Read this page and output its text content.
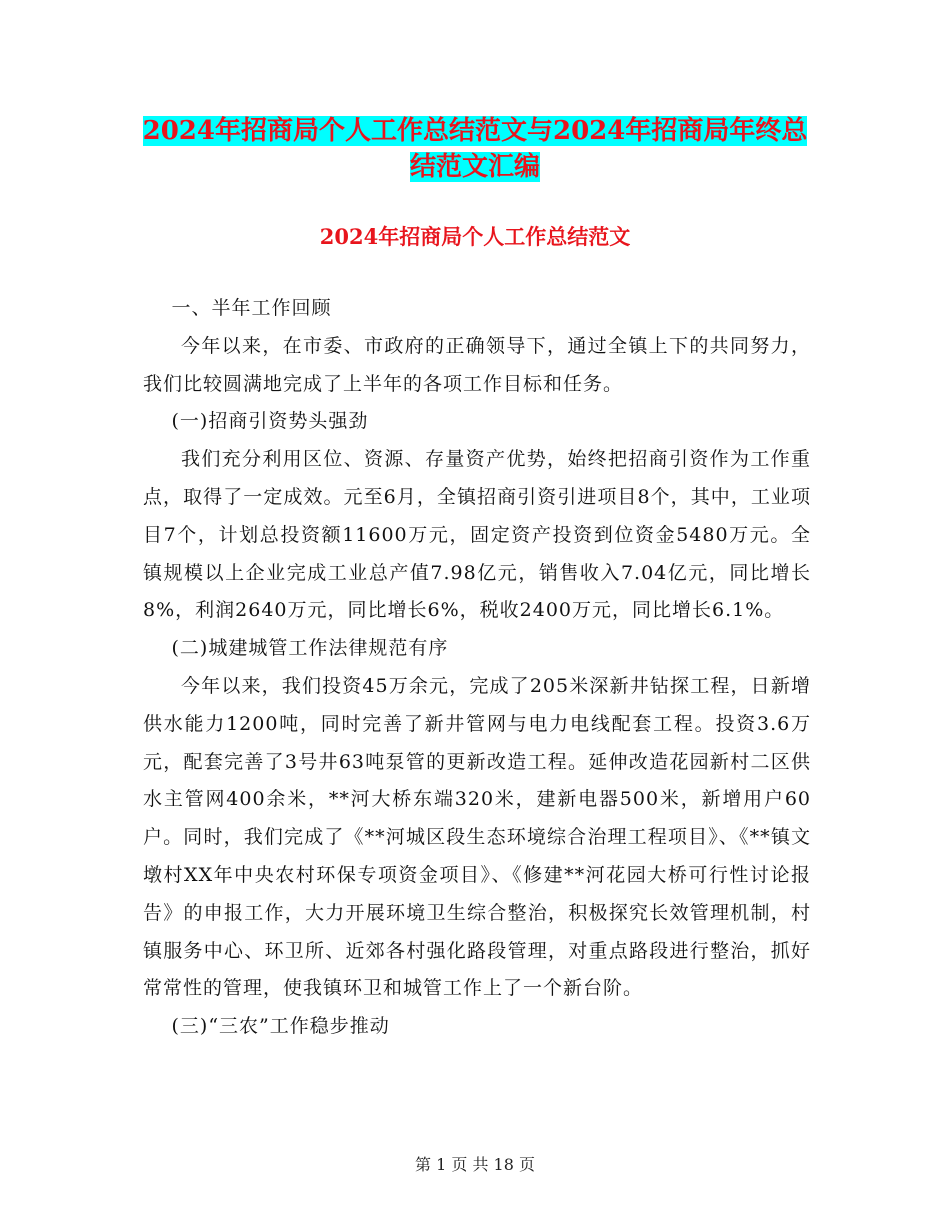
2024年招商局个人工作总结范文与2024年招商局年终总结范文汇编
2024年招商局个人工作总结范文

一、半年工作回顾

今年以来，在市委、市政府的正确领导下，通过全镇上下的共同努力，我们比较圆满地完成了上半年的各项工作目标和任务。

(一)招商引资势头强劲

我们充分利用区位、资源、存量资产优势，始终把招商引资作为工作重点，取得了一定成效。元至6月，全镇招商引资引进项目8个，其中，工业项目7个，计划总投资额11600万元，固定资产投资到位资金5480万元。全镇规模以上企业完成工业总产值7.98亿元，销售收入7.04亿元，同比增长8%，利润2640万元，同比增长6%，税收2400万元，同比增长6.1%。

(二)城建城管工作法律规范有序

今年以来，我们投资45万余元，完成了205米深新井钻探工程，日新增供水能力1200吨，同时完善了新井管网与电力电线配套工程。投资3.6万元，配套完善了3号井63吨泵管的更新改造工程。延伸改造花园新村二区供水主管网400余米，**河大桥东端320米，建新电器500米，新增用户60户。同时，我们完成了《**河城区段生态环境综合治理工程项目》、《**镇文墩村XX年中央农村环保专项资金项目》、《修建**河花园大桥可行性讨论报告》的申报工作，大力开展环境卫生综合整治，积极探究长效管理机制，村镇服务中心、环卫所、近郊各村强化路段管理，对重点路段进行整治，抓好常常性的管理，使我镇环卫和城管工作上了一个新台阶。

(三)“三农”工作稳步推动

第 1 页 共 18 页
